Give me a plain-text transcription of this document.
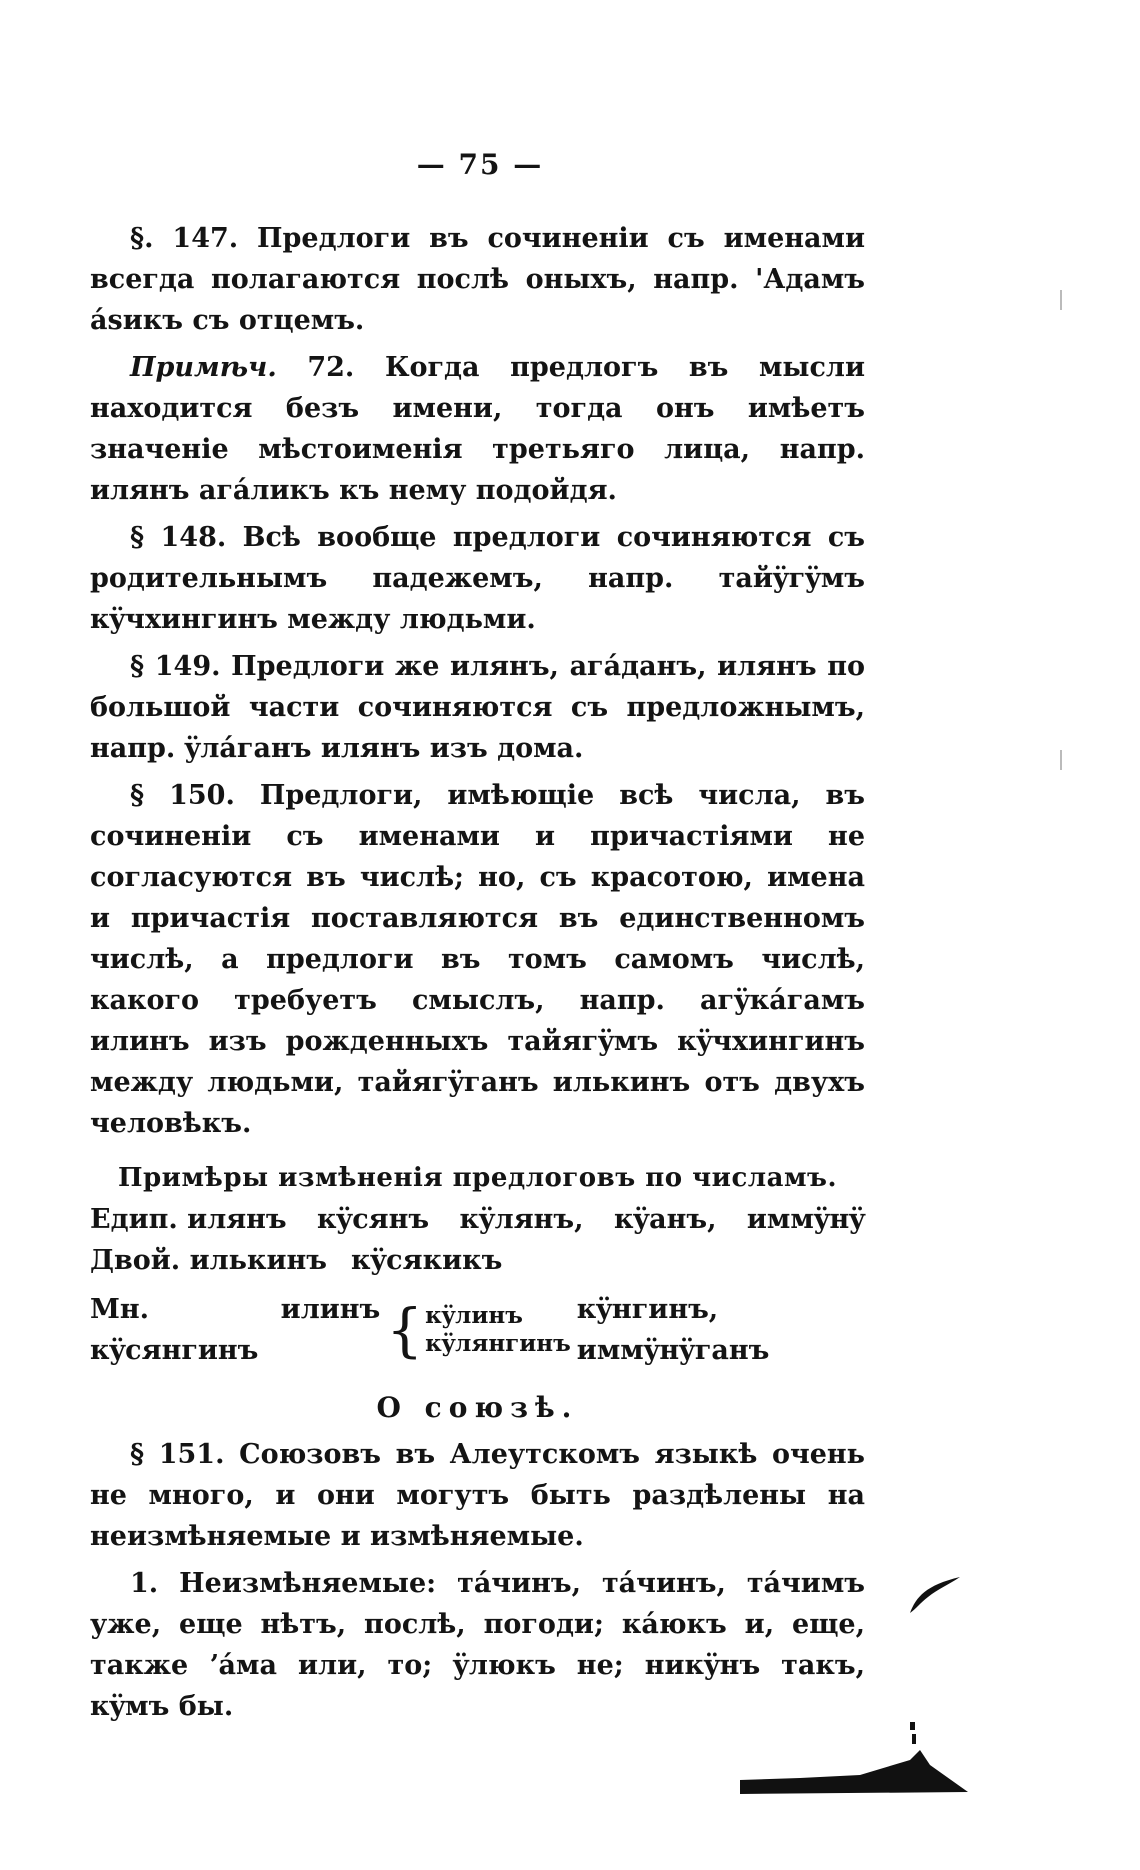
— 75 —

§. 147. Предлоги въ сочиненіи съ именами всегда полагаются послѣ оныхъ, напр. 'Адамъ ásикъ съ отцемъ.

Примѣч. 72. Когда предлогъ въ мысли находится безъ имени, тогда онъ имѣетъ значеніе мѣстоименія третьяго лица, напр. илянъ агáликъ къ нему подойдя.

§ 148. Всѣ вообще предлоги сочиняются съ родительнымъ падежемъ, напр. тайÿгÿмъ кÿчхингинъ между людьми.

§ 149. Предлоги же илянъ, агáданъ, илянъ по большой части сочиняются съ предложнымъ, напр. ÿлáганъ илянъ изъ дома.

§ 150. Предлоги, имѣющіе всѣ числа, въ сочиненіи съ именами и причастіями не согласуются въ числѣ; но, съ красотою, имена и причастія поставляются въ единственномъ числѣ, а предлоги въ томъ самомъ числѣ, какого требуетъ смыслъ, напр. агÿкáгамъ илинъ изъ рожденныхъ тайягÿмъ кÿчхингинъ между людьми, тайягÿганъ илькинъ отъ двухъ человѣкъ.

Примѣры измѣненія предлоговъ по числамъ.

Едип. илянъ кÿсянъ кÿлянъ, кÿанъ, иммÿнÿ
Двой. илькинъ кÿсякикъ
Мн. илинъ кÿсянгинъ	{ кÿлинъ
кÿлянгинъ
кÿнгинъ, иммÿнÿганъ

О союзѣ.

§ 151. Союзовъ въ Алеутскомъ языкѣ очень не много, и они могутъ быть раздѣлены на неизмѣняемые и измѣняемые.

1. Неизмѣняемые: тáчинъ, тáчинъ, тáчимъ уже, еще нѣтъ, послѣ, погоди; кáюкъ и, еще, также ʼáма или, то; ÿлюкъ не; никÿнъ такъ, кÿмъ бы.
